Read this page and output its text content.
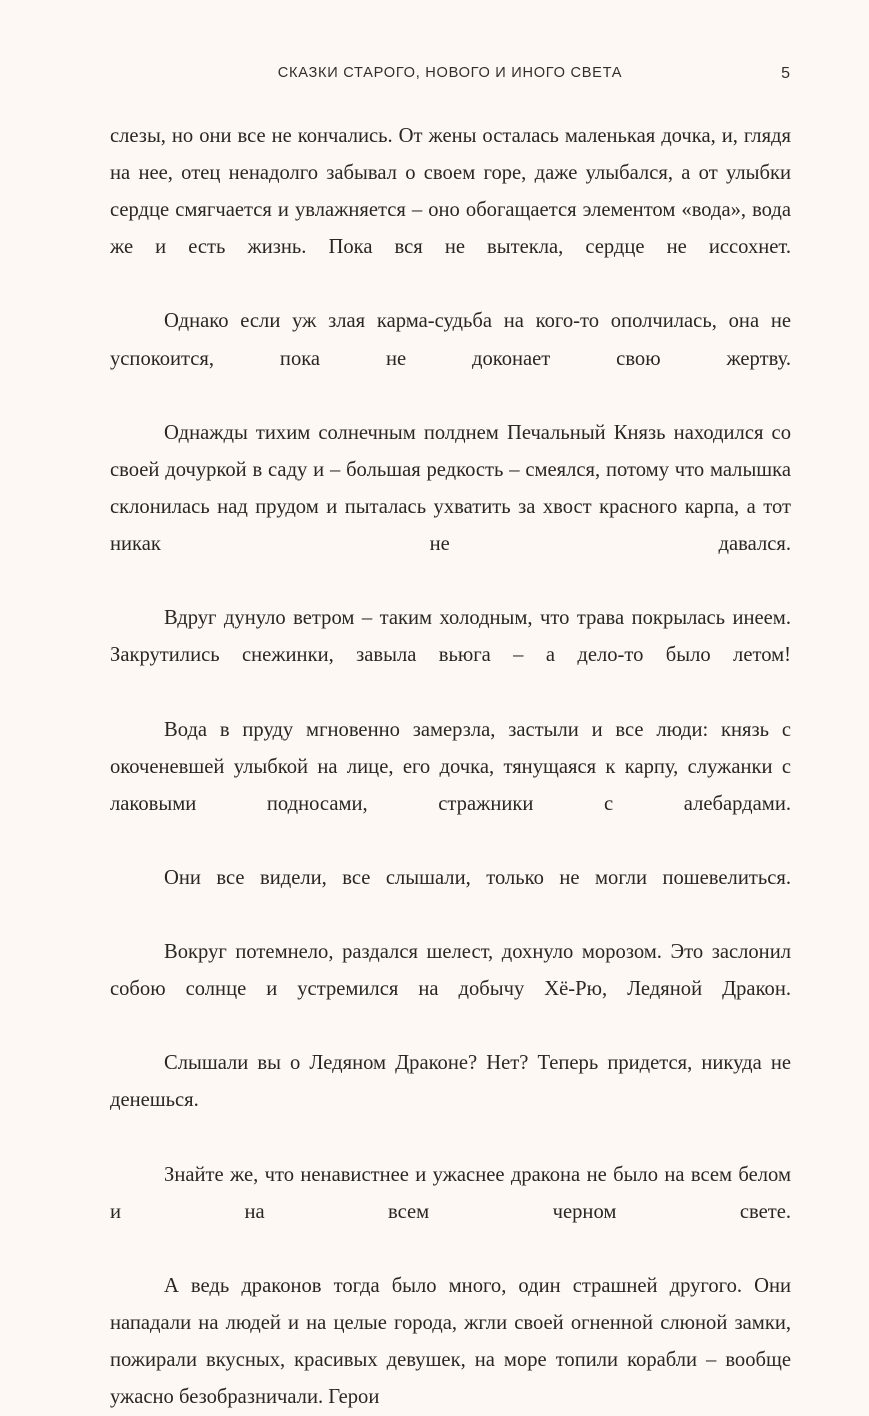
СКАЗКИ СТАРОГО, НОВОГО И ИНОГО СВЕТА	5

слезы, но они все не кончались. От жены осталась маленькая дочка, и, глядя на нее, отец ненадолго забывал о своем горе, даже улыбался, а от улыбки сердце смягчается и увлажняется – оно обогащается элементом «вода», вода же и есть жизнь. Пока вся не вытекла, сердце не иссохнет.

Однако если уж злая карма-судьба на кого-то ополчилась, она не успокоится, пока не доконает свою жертву.

Однажды тихим солнечным полднем Печальный Князь находился со своей дочуркой в саду и – большая редкость – смеялся, потому что малышка склонилась над прудом и пыталась ухватить за хвост красного карпа, а тот никак не давался.

Вдруг дунуло ветром – таким холодным, что трава покрылась инеем. Закрутились снежинки, завыла вьюга – а дело-то было летом!

Вода в пруду мгновенно замерзла, застыли и все люди: князь с окоченевшей улыбкой на лице, его дочка, тянущаяся к карпу, служанки с лаковыми подносами, стражники с алебардами.

Они все видели, все слышали, только не могли пошевелиться.

Вокруг потемнело, раздался шелест, дохнуло морозом. Это заслонил собою солнце и устремился на добычу Хё-Рю, Ледяной Дракон.

Слышали вы о Ледяном Драконе? Нет? Теперь придется, никуда не денешься.

Знайте же, что ненавистнее и ужаснее дракона не было на всем белом и на всем черном свете.

А ведь драконов тогда было много, один страшней другого. Они нападали на людей и на целые города, жгли своей огненной слюной замки, пожирали вкусных, красивых девушек, на море топили корабли – вообще ужасно безобразничали. Герои
